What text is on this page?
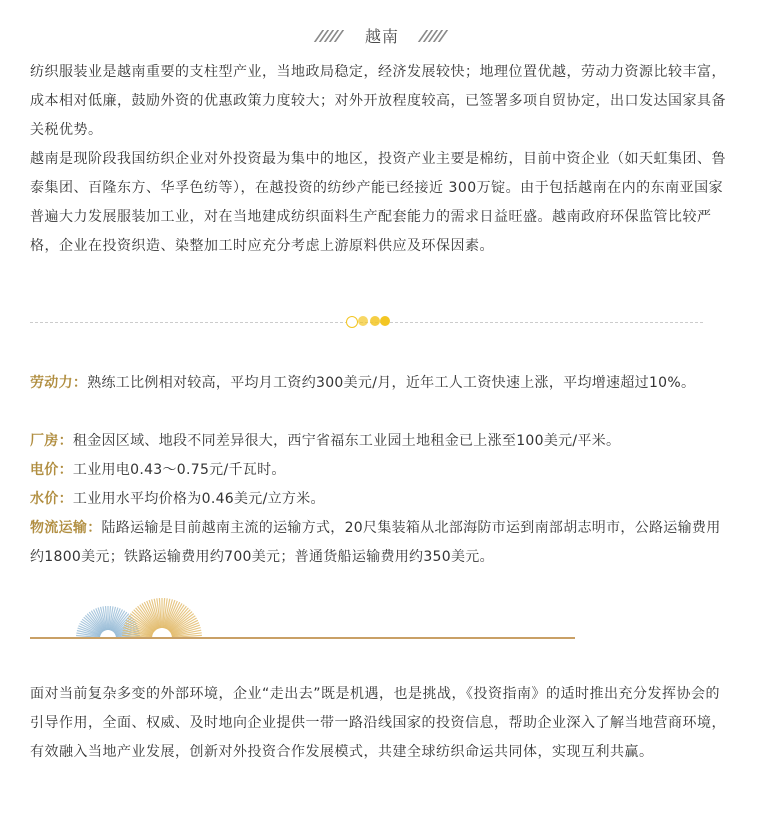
越南

纺织服装业是越南重要的支柱型产业，当地政局稳定，经济发展较快；地理位置优越，劳动力资源比较丰富，成本相对低廉，鼓励外资的优惠政策力度较大；对外开放程度较高，已签署多项自贸协定，出口发达国家具备关税优势。

越南是现阶段我国纺织企业对外投资最为集中的地区，投资产业主要是棉纺，目前中资企业（如天虹集团、鲁泰集团、百隆东方、华孚色纺等），在越投资的纺纱产能已经接近 300万锭。由于包括越南在内的东南亚国家普遍大力发展服装加工业，对在当地建成纺织面料生产配套能力的需求日益旺盛。越南政府环保监管比较严格，企业在投资织造、染整加工时应充分考虑上游原料供应及环保因素。

劳动力：熟练工比例相对较高，平均月工资约300美元/月，近年工人工资快速上涨，平均增速超过10%。

厂房：租金因区域、地段不同差异很大，西宁省福东工业园土地租金已上涨至100美元/平米。

电价：工业用电0.43～0.75元/千瓦时。

水价：工业用水平均价格为0.46美元/立方米。

物流运输：陆路运输是目前越南主流的运输方式，20尺集装箱从北部海防市运到南部胡志明市，公路运输费用约1800美元；铁路运输费用约700美元；普通货船运输费用约350美元。

面对当前复杂多变的外部环境，企业“走出去”既是机遇，也是挑战，《投资指南》的适时推出充分发挥协会的引导作用，全面、权威、及时地向企业提供一带一路沿线国家的投资信息，帮助企业深入了解当地营商环境，有效融入当地产业发展，创新对外投资合作发展模式，共建全球纺织命运共同体，实现互利共赢。
